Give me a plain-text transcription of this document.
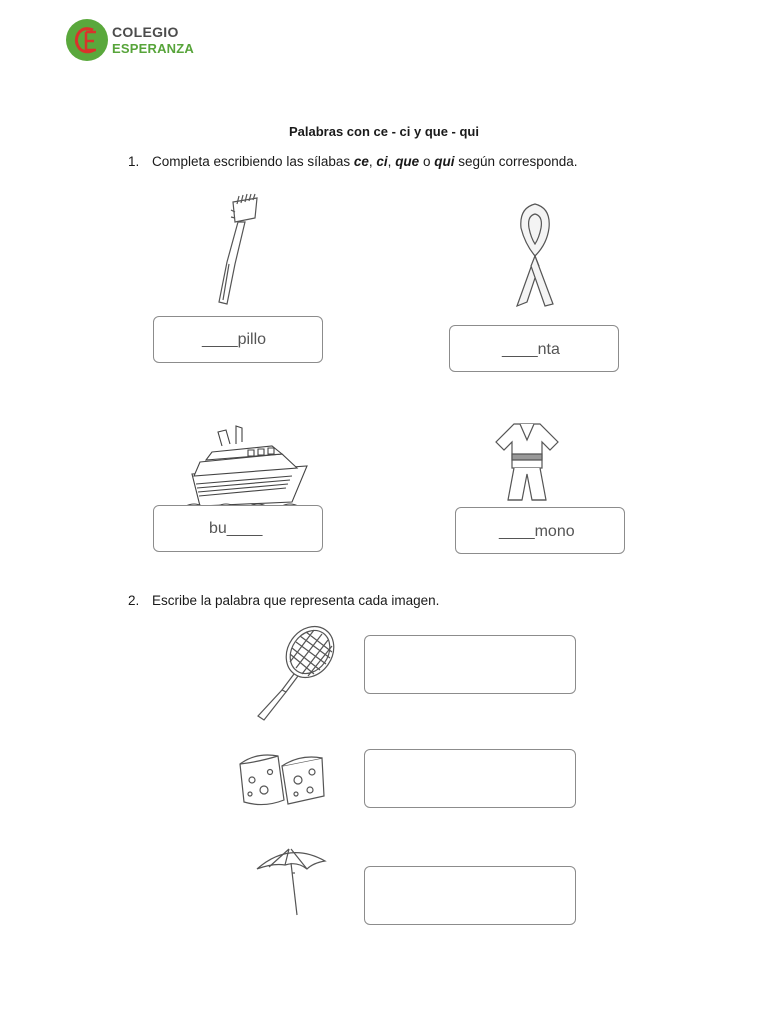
COLEGIO
ESPERANZA
Palabras con ce - ci y que - qui
1. Completa escribiendo las sílabas ce, ci, que o qui según corresponda.
____pillo
____nta
bu____	____mono
2. Escribe la palabra que representa cada imagen.
